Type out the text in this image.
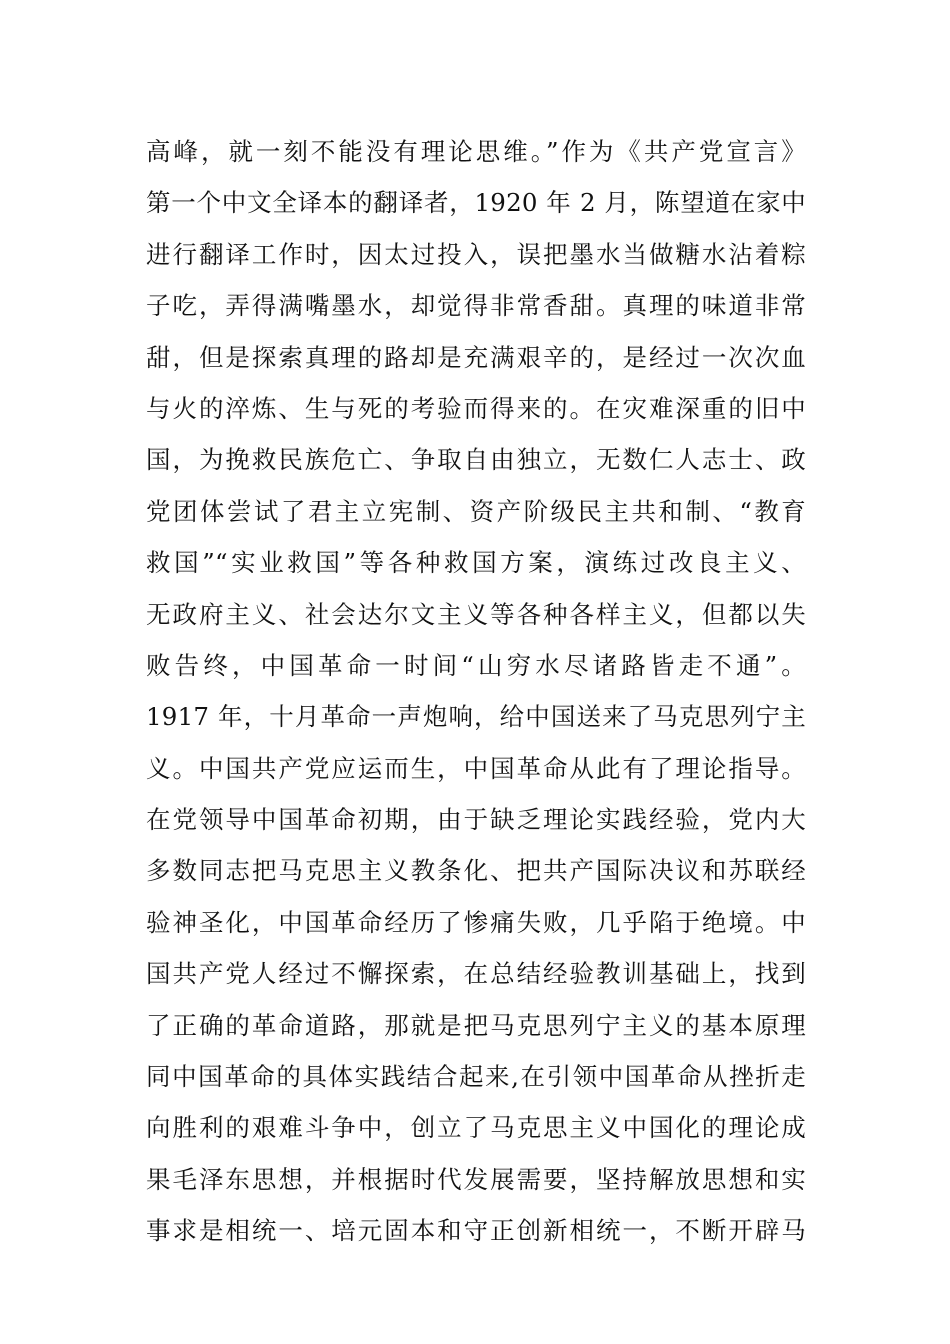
高峰，就一刻不能没有理论思维。”作为《共产党宣言》
第一个中文全译本的翻译者，1920 年 2 月，陈望道在家中
进行翻译工作时，因太过投入，误把墨水当做糖水沾着粽
子吃，弄得满嘴墨水，却觉得非常香甜。真理的味道非常
甜，但是探索真理的路却是充满艰辛的，是经过一次次血
与火的淬炼、生与死的考验而得来的。在灾难深重的旧中
国，为挽救民族危亡、争取自由独立，无数仁人志士、政
党团体尝试了君主立宪制、资产阶级民主共和制、“教育
救国”“实业救国”等各种救国方案，演练过改良主义、
无政府主义、社会达尔文主义等各种各样主义，但都以失
败告终，中国革命一时间“山穷水尽诸路皆走不通”。
1917 年，十月革命一声炮响，给中国送来了马克思列宁主
义。中国共产党应运而生，中国革命从此有了理论指导。
在党领导中国革命初期，由于缺乏理论实践经验，党内大
多数同志把马克思主义教条化、把共产国际决议和苏联经
验神圣化，中国革命经历了惨痛失败，几乎陷于绝境。中
国共产党人经过不懈探索，在总结经验教训基础上，找到
了正确的革命道路，那就是把马克思列宁主义的基本原理
同中国革命的具体实践结合起来,在引领中国革命从挫折走
向胜利的艰难斗争中，创立了马克思主义中国化的理论成
果毛泽东思想，并根据时代发展需要，坚持解放思想和实
事求是相统一、培元固本和守正创新相统一，不断开辟马
